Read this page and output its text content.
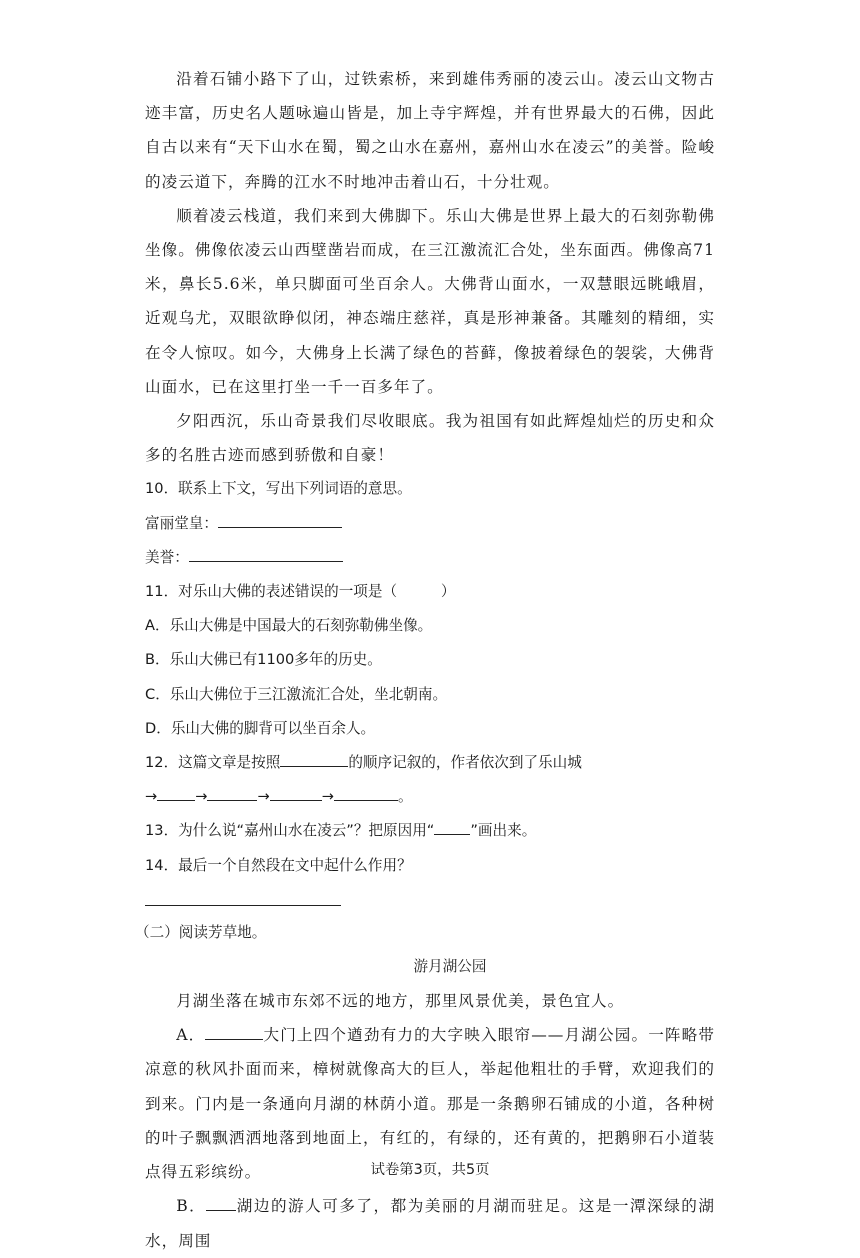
沿着石铺小路下了山，过铁索桥，来到雄伟秀丽的凌云山。凌云山文物古迹丰富，历史名人题咏遍山皆是，加上寺宇辉煌，并有世界最大的石佛，因此自古以来有“天下山水在蜀，蜀之山水在嘉州，嘉州山水在凌云”的美誉。险峻的凌云道下，奔腾的江水不时地冲击着山石，十分壮观。

顺着凌云栈道，我们来到大佛脚下。乐山大佛是世界上最大的石刻弥勒佛坐像。佛像依凌云山西壁凿岩而成，在三江激流汇合处，坐东面西。佛像高71米，鼻长5.6米，单只脚面可坐百余人。大佛背山面水，一双慧眼远眺峨眉，近观乌尤，双眼欲睁似闭，神态端庄慈祥，真是形神兼备。其雕刻的精细，实在令人惊叹。如今，大佛身上长满了绿色的苔藓，像披着绿色的袈裟，大佛背山面水，已在这里打坐一千一百多年了。

夕阳西沉，乐山奇景我们尽收眼底。我为祖国有如此辉煌灿烂的历史和众多的名胜古迹而感到骄傲和自豪！

10．联系上下文，写出下列词语的意思。

富丽堂皇：

美誉：

11．对乐山大佛的表述错误的一项是（　　　）

A．乐山大佛是中国最大的石刻弥勒佛坐像。

B．乐山大佛已有1100多年的历史。

C．乐山大佛位于三江激流汇合处，坐北朝南。

D．乐山大佛的脚背可以坐百余人。

12．这篇文章是按照	的顺序记叙的，作者依次到了乐山城

→	→	→	→	。

13．为什么说“嘉州山水在凌云”？把原因用“ ”画出来。

14．最后一个自然段在文中起什么作用？

（二）阅读芳草地。

游月湖公园

月湖坐落在城市东郊不远的地方，那里风景优美，景色宜人。

A．	大门上四个遒劲有力的大字映入眼帘——月湖公园。一阵略带凉意的秋风扑面而来，樟树就像高大的巨人，举起他粗壮的手臂，欢迎我们的到来。门内是一条通向月湖的林荫小道。那是一条鹅卵石铺成的小道，各种树的叶子飘飘洒洒地落到地面上，有红的，有绿的，还有黄的，把鹅卵石小道装点得五彩缤纷。

B． 湖边的游人可多了，都为美丽的月湖而驻足。这是一潭深绿的湖水，周围

试卷第3页，共5页
